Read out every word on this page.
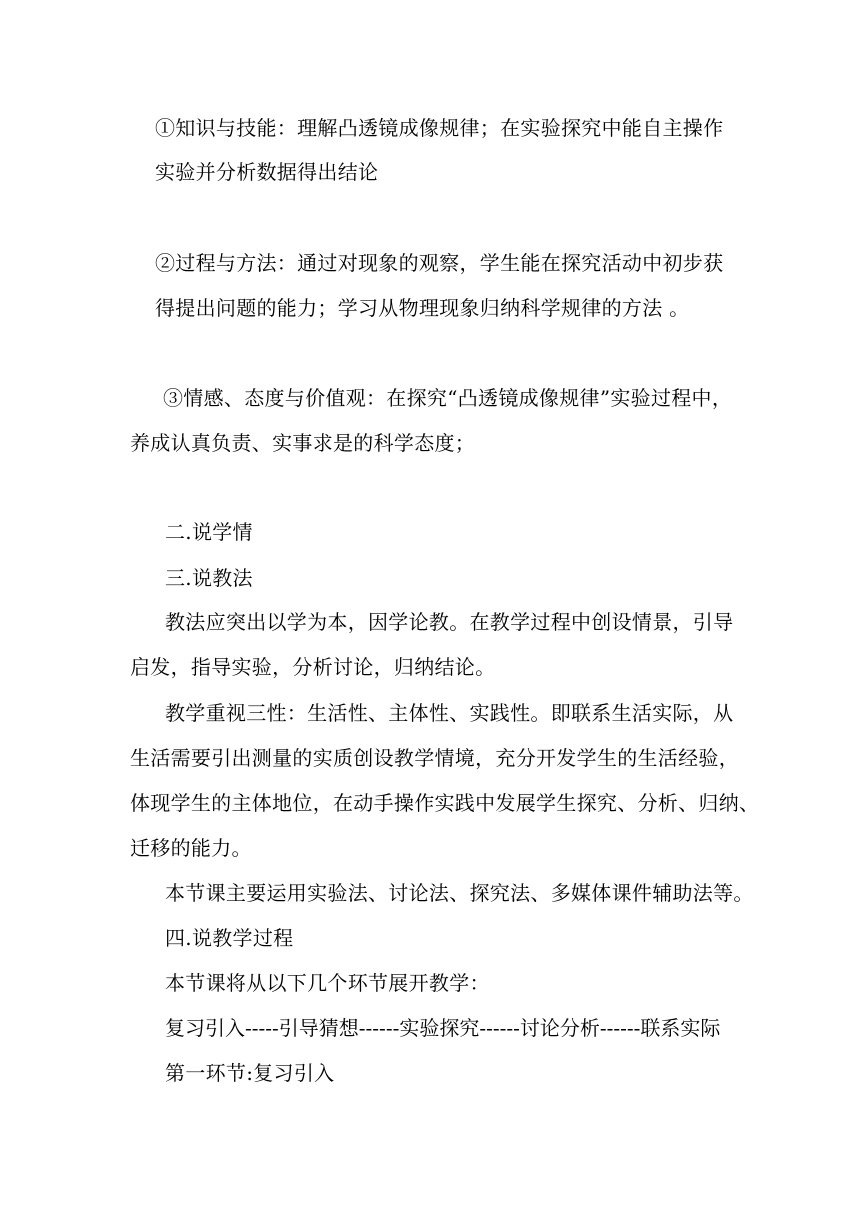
①知识与技能：理解凸透镜成像规律；在实验探究中能自主操作
实验并分析数据得出结论
②过程与方法：通过对现象的观察，学生能在探究活动中初步获
得提出问题的能力；学习从物理现象归纳科学规律的方法 。
③情感、态度与价值观：在探究“凸透镜成像规律”实验过程中，
养成认真负责、实事求是的科学态度；
二.说学情
三.说教法
教法应突出以学为本，因学论教。在教学过程中创设情景，引导
启发，指导实验，分析讨论，归纳结论。
教学重视三性：生活性、主体性、实践性。即联系生活实际，从
生活需要引出测量的实质创设教学情境，充分开发学生的生活经验，
体现学生的主体地位，在动手操作实践中发展学生探究、分析、归纳、
迁移的能力。
本节课主要运用实验法、讨论法、探究法、多媒体课件辅助法等。
四.说教学过程
本节课将从以下几个环节展开教学：
复习引入-----引导猜想------实验探究------讨论分析------联系实际
第一环节:复习引入
